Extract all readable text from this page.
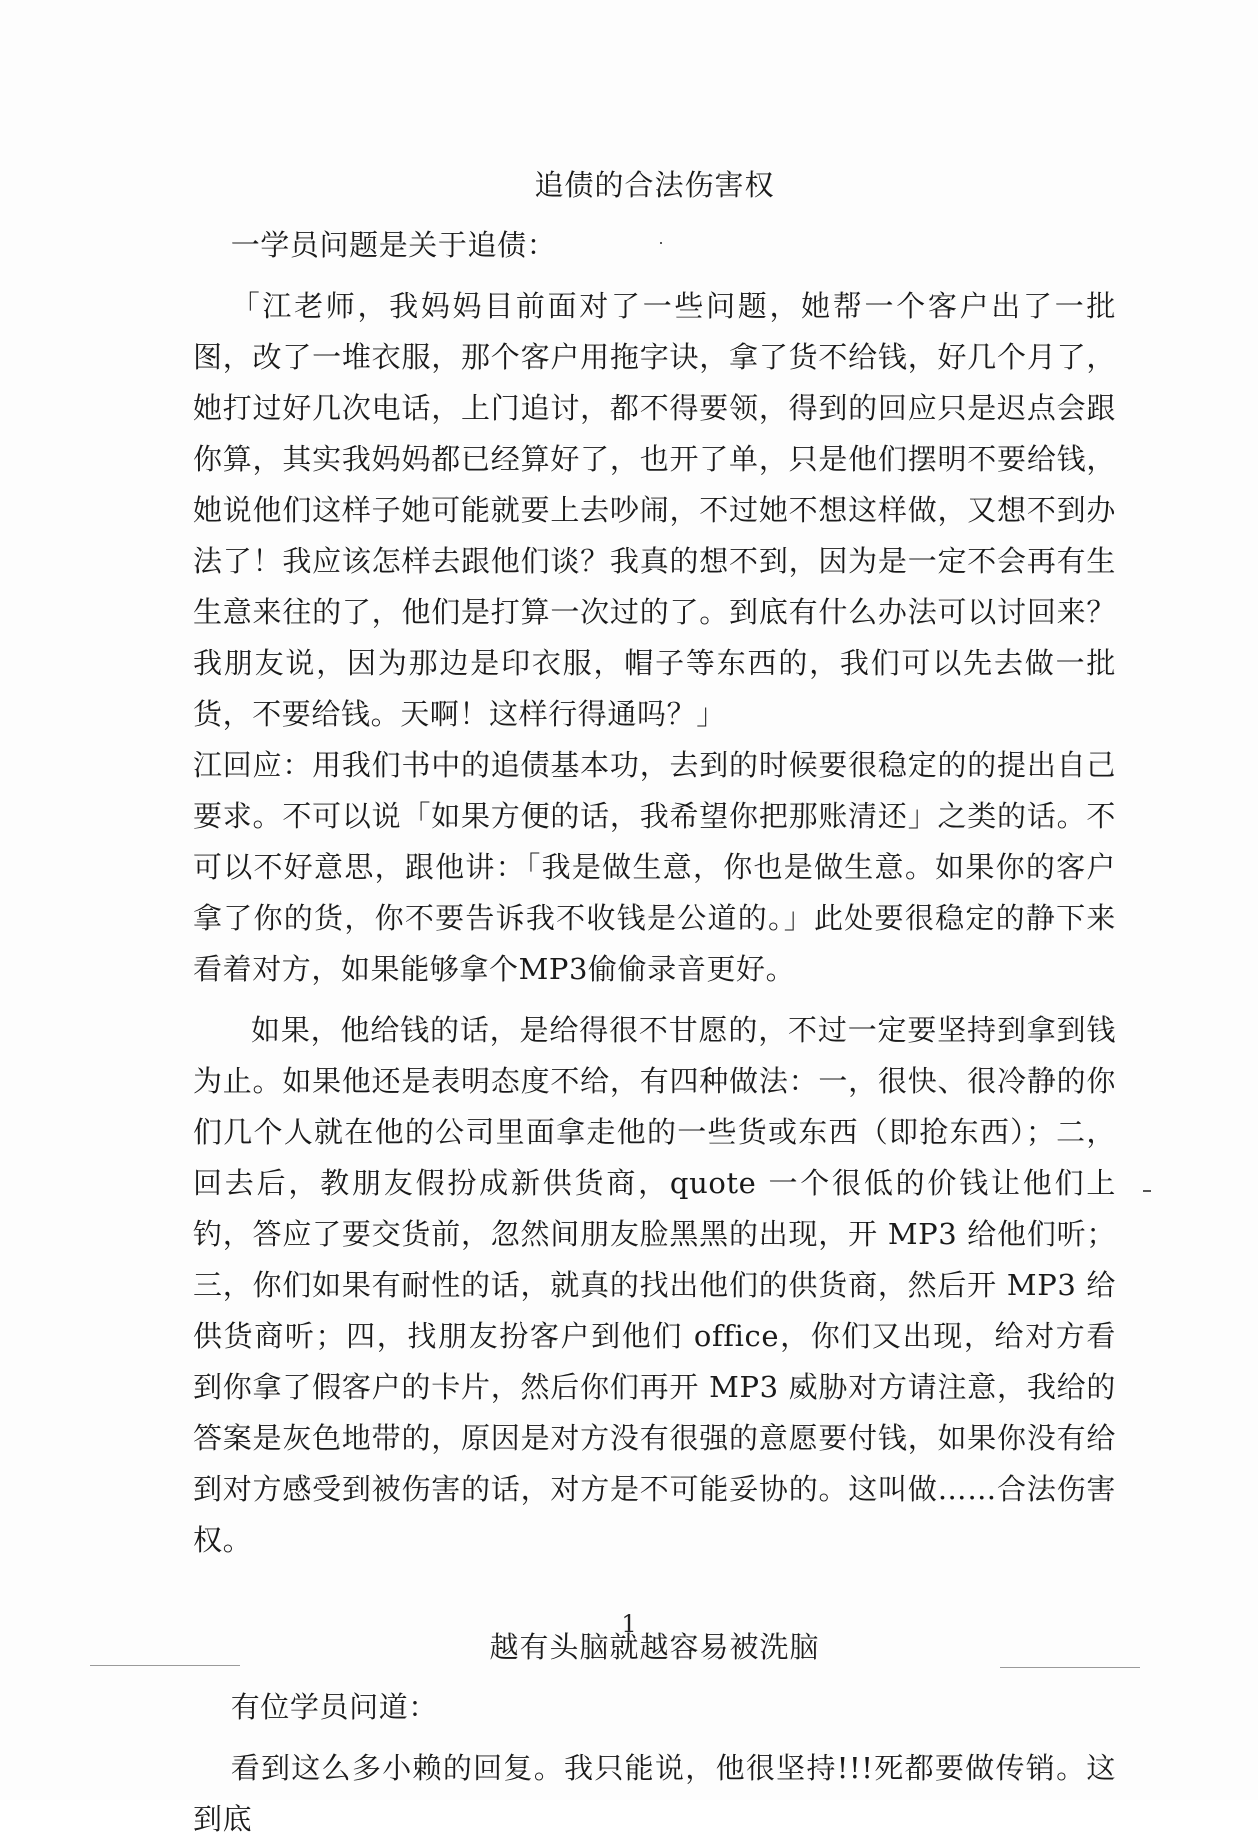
追债的合法伤害权

一学员问题是关于追债：

「江老师，我妈妈目前面对了一些问题，她帮一个客户出了一批图，改了一堆衣服，那个客户用拖字诀，拿了货不给钱，好几个月了，她打过好几次电话，上门追讨，都不得要领，得到的回应只是迟点会跟你算，其实我妈妈都已经算好了，也开了单，只是他们摆明不要给钱，她说他们这样子她可能就要上去吵闹，不过她不想这样做，又想不到办法了！我应该怎样去跟他们谈？我真的想不到，因为是一定不会再有生生意来往的了，他们是打算一次过的了。到底有什么办法可以讨回来？我朋友说，因为那边是印衣服，帽子等东西的，我们可以先去做一批货，不要给钱。天啊！这样行得通吗？」

江回应：用我们书中的追债基本功，去到的时候要很稳定的的提出自己要求。不可以说「如果方便的话，我希望你把那账清还」之类的话。不可以不好意思，跟他讲：「我是做生意，你也是做生意。如果你的客户拿了你的货，你不要告诉我不收钱是公道的。」此处要很稳定的静下来看着对方，如果能够拿个MP3偷偷录音更好。

如果，他给钱的话，是给得很不甘愿的，不过一定要坚持到拿到钱为止。如果他还是表明态度不给，有四种做法：一，很快、很冷静的你们几个人就在他的公司里面拿走他的一些货或东西（即抢东西）；二，回去后，教朋友假扮成新供货商，quote 一个很低的价钱让他们上钓，答应了要交货前，忽然间朋友脸黑黑的出现，开 MP3 给他们听；三，你们如果有耐性的话，就真的找出他们的供货商，然后开 MP3 给供货商听；四，找朋友扮客户到他们 office，你们又出现，给对方看到你拿了假客户的卡片，然后你们再开 MP3 威胁对方请注意，我给的答案是灰色地带的，原因是对方没有很强的意愿要付钱，如果你没有给到对方感受到被伤害的话，对方是不可能妥协的。这叫做……合法伤害权。

越有头脑就越容易被洗脑

有位学员问道：

看到这么多小赖的回复。我只能说，他很坚持!!!死都要做传销。这到底

1
